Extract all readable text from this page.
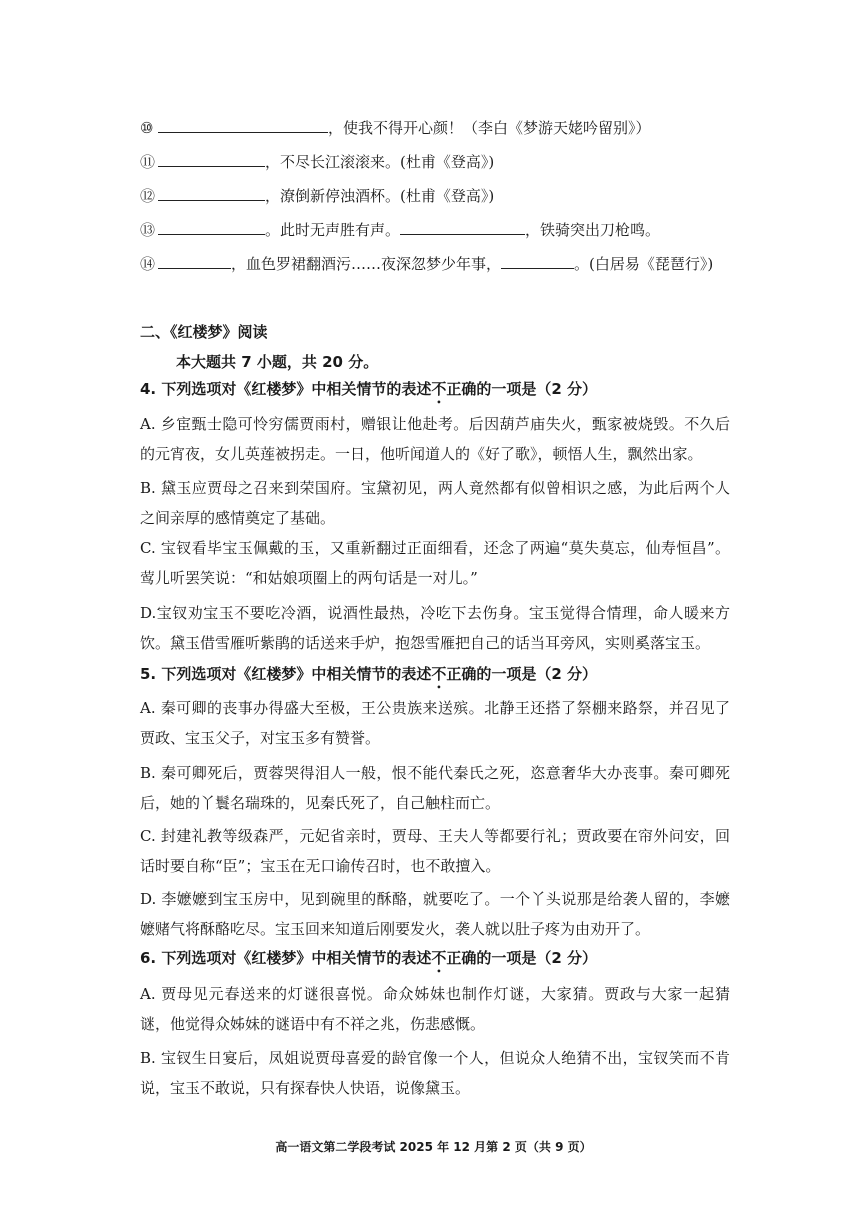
⑩	，使我不得开心颜！（李白《梦游天姥吟留别》）
⑪	，不尽长江滚滚来。(杜甫《登高》)
⑫	，潦倒新停浊酒杯。(杜甫《登高》)
⑬	。此时无声胜有声。	，铁骑突出刀枪鸣。
⑭	，血色罗裙翻酒污……夜深忽梦少年事，	。(白居易《琵琶行》)
二、《红楼梦》阅读
本大题共 7 小题，共 20 分。
4. 下列选项对《红楼梦》中相关情节的表述不正确的一项是（2 分）
A. 乡宦甄士隐可怜穷儒贾雨村，赠银让他赴考。后因葫芦庙失火，甄家被烧毁。不久后的元宵夜，女儿英莲被拐走。一日，他听闻道人的《好了歌》，顿悟人生，飘然出家。
B. 黛玉应贾母之召来到荣国府。宝黛初见，两人竟然都有似曾相识之感，为此后两个人之间亲厚的感情奠定了基础。
C. 宝钗看毕宝玉佩戴的玉，又重新翻过正面细看，还念了两遍“莫失莫忘，仙寿恒昌”。莺儿听罢笑说：“和姑娘项圈上的两句话是一对儿。”
D.宝钗劝宝玉不要吃冷酒，说酒性最热，冷吃下去伤身。宝玉觉得合情理，命人暖来方饮。黛玉借雪雁听紫鹃的话送来手炉，抱怨雪雁把自己的话当耳旁风，实则奚落宝玉。
5. 下列选项对《红楼梦》中相关情节的表述不正确的一项是（2 分）
A. 秦可卿的丧事办得盛大至极，王公贵族来送殡。北静王还搭了祭棚来路祭，并召见了贾政、宝玉父子，对宝玉多有赞誉。
B. 秦可卿死后，贾蓉哭得泪人一般，恨不能代秦氏之死，恣意奢华大办丧事。秦可卿死后，她的丫鬟名瑞珠的，见秦氏死了，自己触柱而亡。
C. 封建礼教等级森严，元妃省亲时，贾母、王夫人等都要行礼；贾政要在帘外问安，回话时要自称“臣”；宝玉在无口谕传召时，也不敢擅入。
D. 李嬷嬷到宝玉房中，见到碗里的酥酪，就要吃了。一个丫头说那是给袭人留的，李嬷嬷赌气将酥酪吃尽。宝玉回来知道后刚要发火，袭人就以肚子疼为由劝开了。
6. 下列选项对《红楼梦》中相关情节的表述不正确的一项是（2 分）
A. 贾母见元春送来的灯谜很喜悦。命众姊妹也制作灯谜，大家猜。贾政与大家一起猜谜，他觉得众姊妹的谜语中有不祥之兆，伤悲感慨。
B. 宝钗生日宴后，凤姐说贾母喜爱的龄官像一个人，但说众人绝猜不出，宝钗笑而不肯说，宝玉不敢说，只有探春快人快语，说像黛玉。
高一语文第二学段考试 2025 年 12 月第 2 页（共 9 页）
